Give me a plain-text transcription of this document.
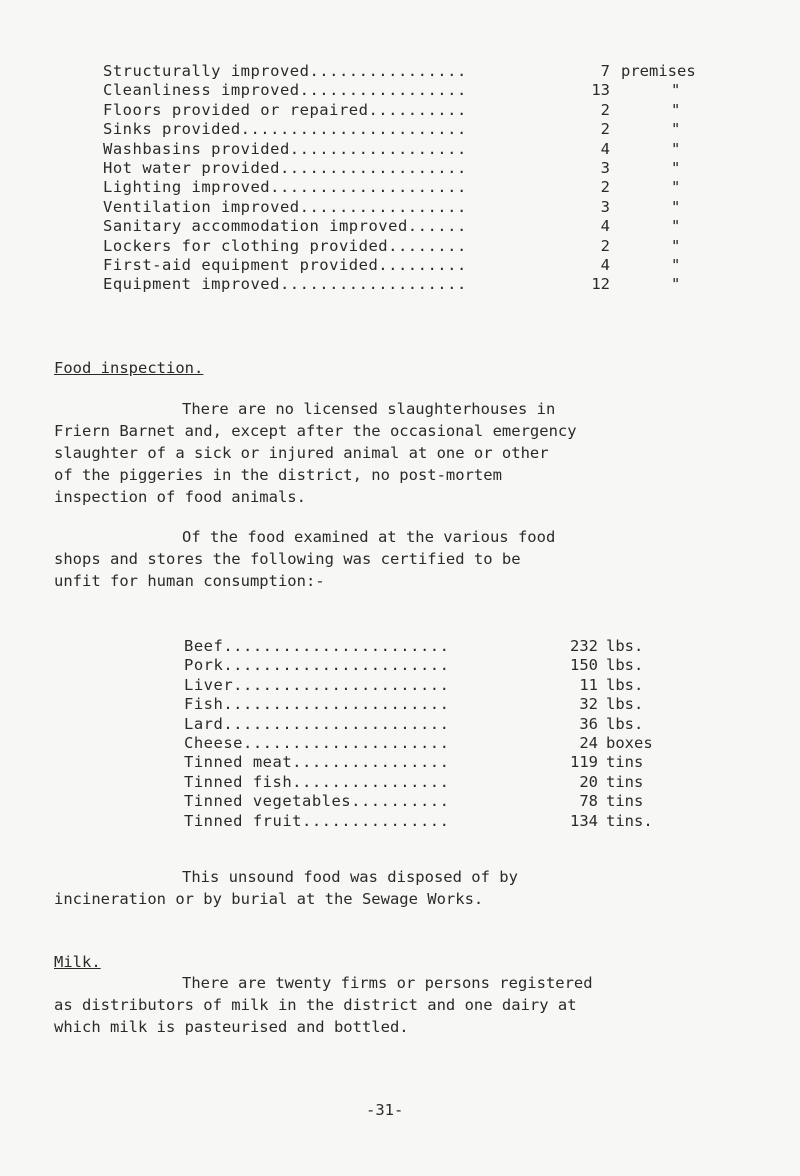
Structurally improved................	7 premises
Cleanliness improved.................	13	"
Floors provided or repaired..........	2	"
Sinks provided.......................	2	"
Washbasins provided..................	4	"
Hot water provided...................	3	"
Lighting improved....................	2	"
Ventilation improved.................	3	"
Sanitary accommodation improved......	4	"
Lockers for clothing provided........	2	"
First-aid equipment provided.........	4	"
Equipment improved...................	12	"
Food inspection.

There are no licensed slaughterhouses in

Friern Barnet and, except after the occasional emergency

slaughter of a sick or injured animal at one or other

of the piggeries in the district, no post-mortem

inspection of food animals.

Of the food examined at the various food

shops and stores the following was certified to be

unfit for human consumption:-

Beef.......................	232 lbs.
Pork.......................	150 lbs.
Liver......................	11 lbs.
Fish.......................	32 lbs.
Lard.......................	36 lbs.
Cheese.....................	24 boxes
Tinned meat................	119 tins
Tinned fish................	20 tins
Tinned vegetables..........	78 tins
Tinned fruit...............	134 tins.

This unsound food was disposed of by

incineration or by burial at the Sewage Works.

Milk.

There are twenty firms or persons registered

as distributors of milk in the district and one dairy at

which milk is pasteurised and bottled.

-31-
